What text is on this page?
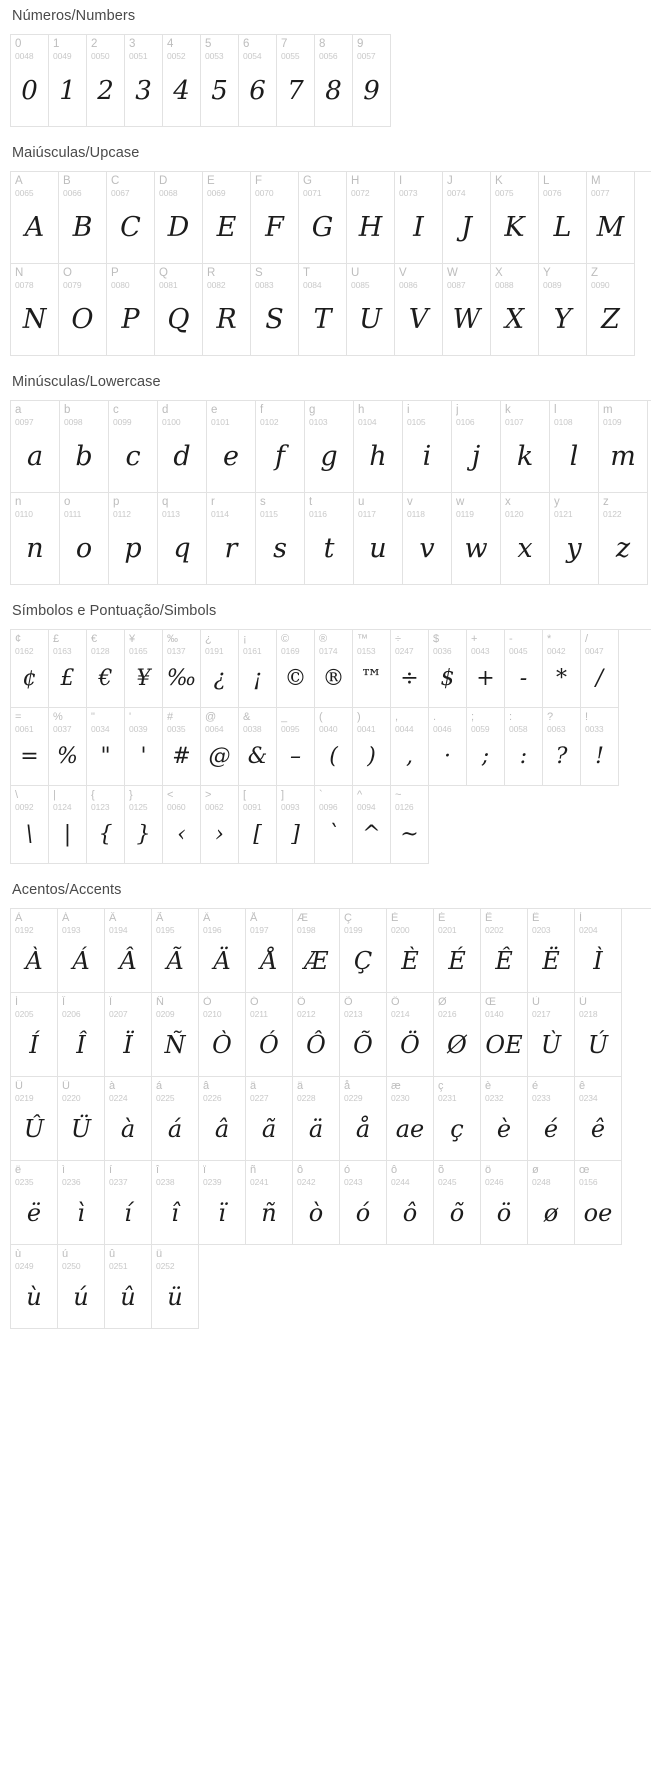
Números/Numbers
0
0048
0
1
0049
1
2
0050
2
3
0051
3
4
0052
4
5
0053
5
6
0054
6
7
0055
7
8
0056
8
9
0057
9
Maiúsculas/Upcase
A
0065
A
B
0066
B
C
0067
C
D
0068
D
E
0069
E
F
0070
F
G
0071
G
H
0072
H
I
0073
I
J
0074
J
K
0075
K
L
0076
L
M
0077
M
N
0078
N
O
0079
O
P
0080
P
Q
0081
Q
R
0082
R
S
0083
S
T
0084
T
U
0085
U
V
0086
V
W
0087
W
X
0088
X
Y
0089
Y
Z
0090
Z
Minúsculas/Lowercase
a
0097
a
b
0098
b
c
0099
c
d
0100
d
e
0101
e
f
0102
f
g
0103
g
h
0104
h
i
0105
i
j
0106
j
k
0107
k
l
0108
l
m
0109
m
n
0110
n
o
0111
o
p
0112
p
q
0113
q
r
0114
r
s
0115
s
t
0116
t
u
0117
u
v
0118
v
w
0119
w
x
0120
x
y
0121
y
z
0122
z
Símbolos e Pontuação/Simbols
¢
0162
¢
£
0163
£
€
0128
€
¥
0165
¥
‰
0137
‰
¿
0191
¿
¡
0161
¡
©
0169
©
®
0174
®
™
0153
™
÷
0247
÷
$
0036
$
+
0043
+
-
0045
-
*
0042
*
/
0047
/
=
0061
=
%
0037
%
"
0034
"
'
0039
'
#
0035
#
@
0064
@
&
0038
&
_
0095
–
(
0040
(
)
0041
)
,
0044
,
.
0046
·
;
0059
;
:
0058
:
?
0063
?
!
0033
!
\
0092
\
|
0124
|
{
0123
{
}
0125
}
<
0060
‹
>
0062
›
[
0091
[
]
0093
]
`
0096
`
^
0094
^
~
0126
~
Acentos/Accents
À
0192
À
Á
0193
Á
Â
0194
Â
Ã
0195
Ã
Ä
0196
Ä
Å
0197
Å
Æ
0198
Æ
Ç
0199
Ç
È
0200
È
É
0201
É
Ê
0202
Ê
Ë
0203
Ë
Ì
0204
Ì
Í
0205
Í
Î
0206
Î
Ï
0207
Ï
Ñ
0209
Ñ
Ò
0210
Ò
Ó
0211
Ó
Ô
0212
Ô
Õ
0213
Õ
Ö
0214
Ö
Ø
0216
Ø
Œ
0140
OE
Ù
0217
Ù
Ú
0218
Ú
Û
0219
Û
Ü
0220
Ü
à
0224
à
á
0225
á
â
0226
â
ä
0227
ã
ä
0228
ä
å
0229
å
æ
0230
ae
ç
0231
ç
è
0232
è
é
0233
é
ê
0234
ê
ë
0235
ë
ì
0236
ì
í
0237
í
î
0238
î
ï
0239
ï
ñ
0241
ñ
ô
0242
ò
ó
0243
ó
ô
0244
ô
õ
0245
õ
ö
0246
ö
ø
0248
ø
œ
0156
oe
ù
0249
ù
ú
0250
ú
û
0251
û
ü
0252
ü
